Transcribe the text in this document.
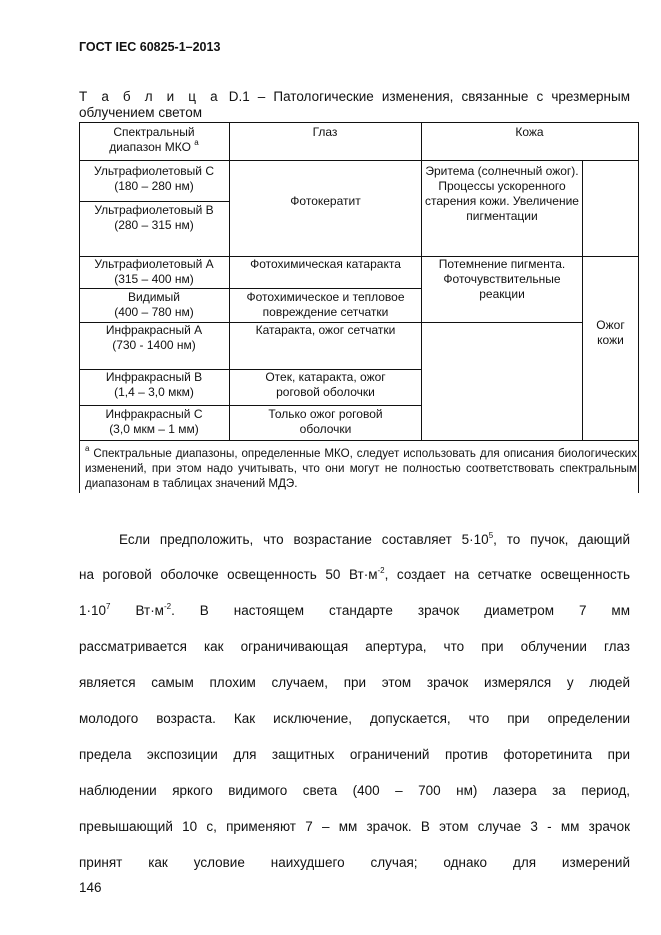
ГОСТ IEC 60825-1–2013
Т а б л и ц а D.1 – Патологические изменения, связанные с чрезмерным
облучением светом
Спектральный
диапазон МКО $^а$
Глаз	Кожа
Ультрафиолетовый С
(180 – 280 нм)
Ультрафиолетовый В
(280 – 315 нм)
Ультрафиолетовый А
(315 – 400 нм)
Видимый
(400 – 780 нм)
Инфракрасный А
(730 - 1400 нм)
Инфракрасный В
(1,4 – 3,0 мкм)
Инфракрасный С
(3,0 мкм – 1 мм)
Фотокератит
Фотохимическая катаракта
Фотохимическое и тепловое повреждение сетчатки
Катаракта, ожог сетчатки
Отек, катаракта, ожог роговой оболочки
Только ожог роговой оболочки
Эритема (солнечный ожог). Процессы ускоренного старения кожи. Увеличение пигментации
Потемнение пигмента. Фоточувствительные реакции
Ожог кожи
$^а$ Спектральные диапазоны, определенные МКО, следует использовать для описания биологических изменений, при этом надо учитывать, что они могут не полностью соответствовать спектральным диапазонам в таблицах значений МДЭ.
Если предположить, что возрастание составляет $5\cdot 10^5$, то пучок, дающий
на роговой оболочке освещенность 50 $Вт\cdot м^{-2}$, создает на сетчатке освещенность
$1\cdot 10^7$ $Вт\cdot м^{-2}$. В настоящем стандарте зрачок диаметром 7 мм
рассматривается как ограничивающая апертура, что при облучении глаз
является самым плохим случаем, при этом зрачок измерялся у людей
молодого возраста. Как исключение, допускается, что при определении
предела экспозиции для защитных ограничений против фоторетинита при
наблюдении яркого видимого света (400 – 700 нм) лазера за период,
превышающий 10 с, применяют 7 – мм зрачок. В этом случае 3 - мм зрачок
принят как условие наихудшего случая; однако для измерений
146
